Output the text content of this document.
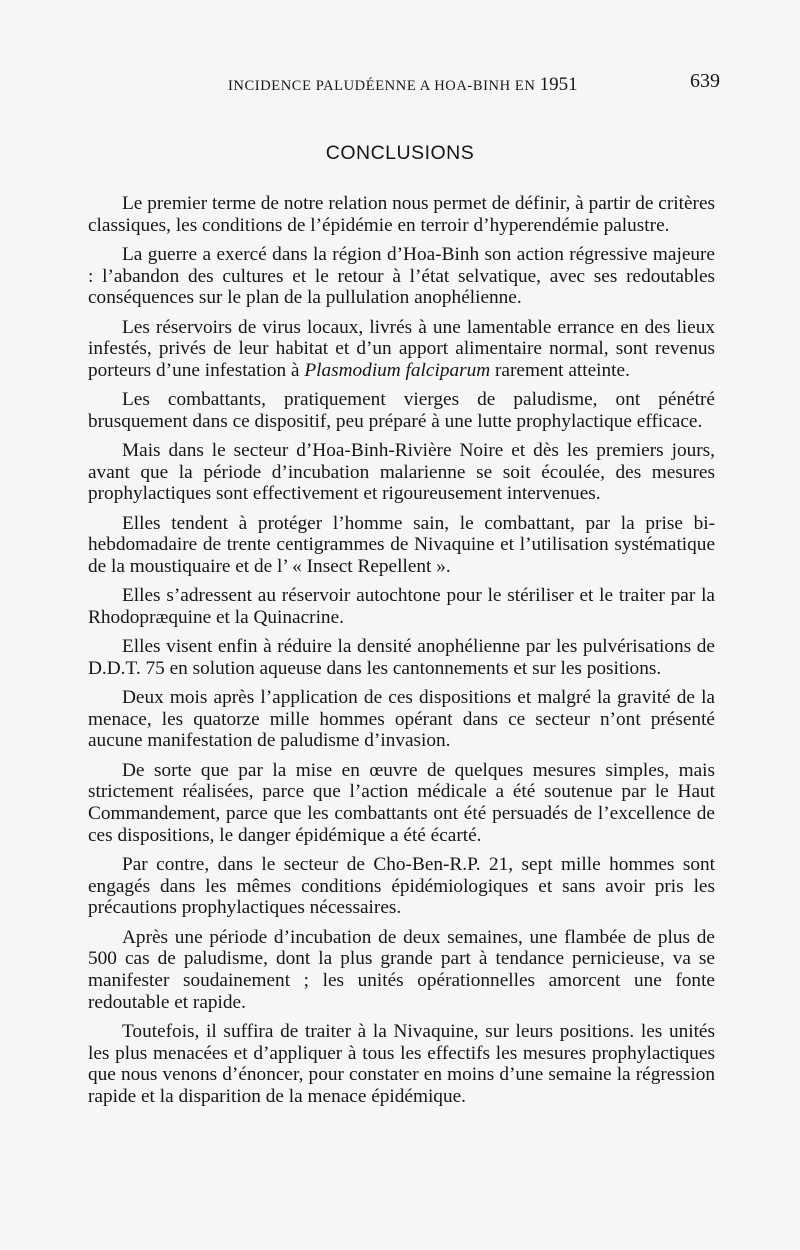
INCIDENCE PALUDÉENNE A HOA-BINH EN 1951	639
CONCLUSIONS

Le premier terme de notre relation nous permet de définir, à partir de critères classiques, les conditions de l’épidémie en terroir d’hyperendémie palustre.

La guerre a exercé dans la région d’Hoa-Binh son action régressive majeure : l’abandon des cultures et le retour à l’état selvatique, avec ses redoutables conséquences sur le plan de la pullulation anophélienne.

Les réservoirs de virus locaux, livrés à une lamentable errance en des lieux infestés, privés de leur habitat et d’un apport alimentaire normal, sont revenus porteurs d’une infestation à Plasmodium falciparum rarement atteinte.

Les combattants, pratiquement vierges de paludisme, ont pénétré brusquement dans ce dispositif, peu préparé à une lutte prophylactique efficace.

Mais dans le secteur d’Hoa-Binh-Rivière Noire et dès les premiers jours, avant que la période d’incubation malarienne se soit écoulée, des mesures prophylactiques sont effectivement et rigoureusement intervenues.

Elles tendent à protéger l’homme sain, le combattant, par la prise bi-hebdomadaire de trente centigrammes de Nivaquine et l’utilisation systématique de la moustiquaire et de l’ « Insect Repellent ».

Elles s’adressent au réservoir autochtone pour le stériliser et le traiter par la Rhodopræquine et la Quinacrine.

Elles visent enfin à réduire la densité anophélienne par les pulvérisations de D.D.T. 75 en solution aqueuse dans les cantonnements et sur les positions.

Deux mois après l’application de ces dispositions et malgré la gravité de la menace, les quatorze mille hommes opérant dans ce secteur n’ont présenté aucune manifestation de paludisme d’invasion.

De sorte que par la mise en œuvre de quelques mesures simples, mais strictement réalisées, parce que l’action médicale a été soutenue par le Haut Commandement, parce que les combattants ont été persuadés de l’excellence de ces dispositions, le danger épidémique a été écarté.

Par contre, dans le secteur de Cho-Ben-R.P. 21, sept mille hommes sont engagés dans les mêmes conditions épidémiologiques et sans avoir pris les précautions prophylactiques nécessaires.

Après une période d’incubation de deux semaines, une flambée de plus de 500 cas de paludisme, dont la plus grande part à tendance pernicieuse, va se manifester soudainement ; les unités opérationnelles amorcent une fonte redoutable et rapide.

Toutefois, il suffira de traiter à la Nivaquine, sur leurs positions. les unités les plus menacées et d’appliquer à tous les effectifs les mesures prophylactiques que nous venons d’énoncer, pour constater en moins d’une semaine la régression rapide et la disparition de la menace épidémique.
